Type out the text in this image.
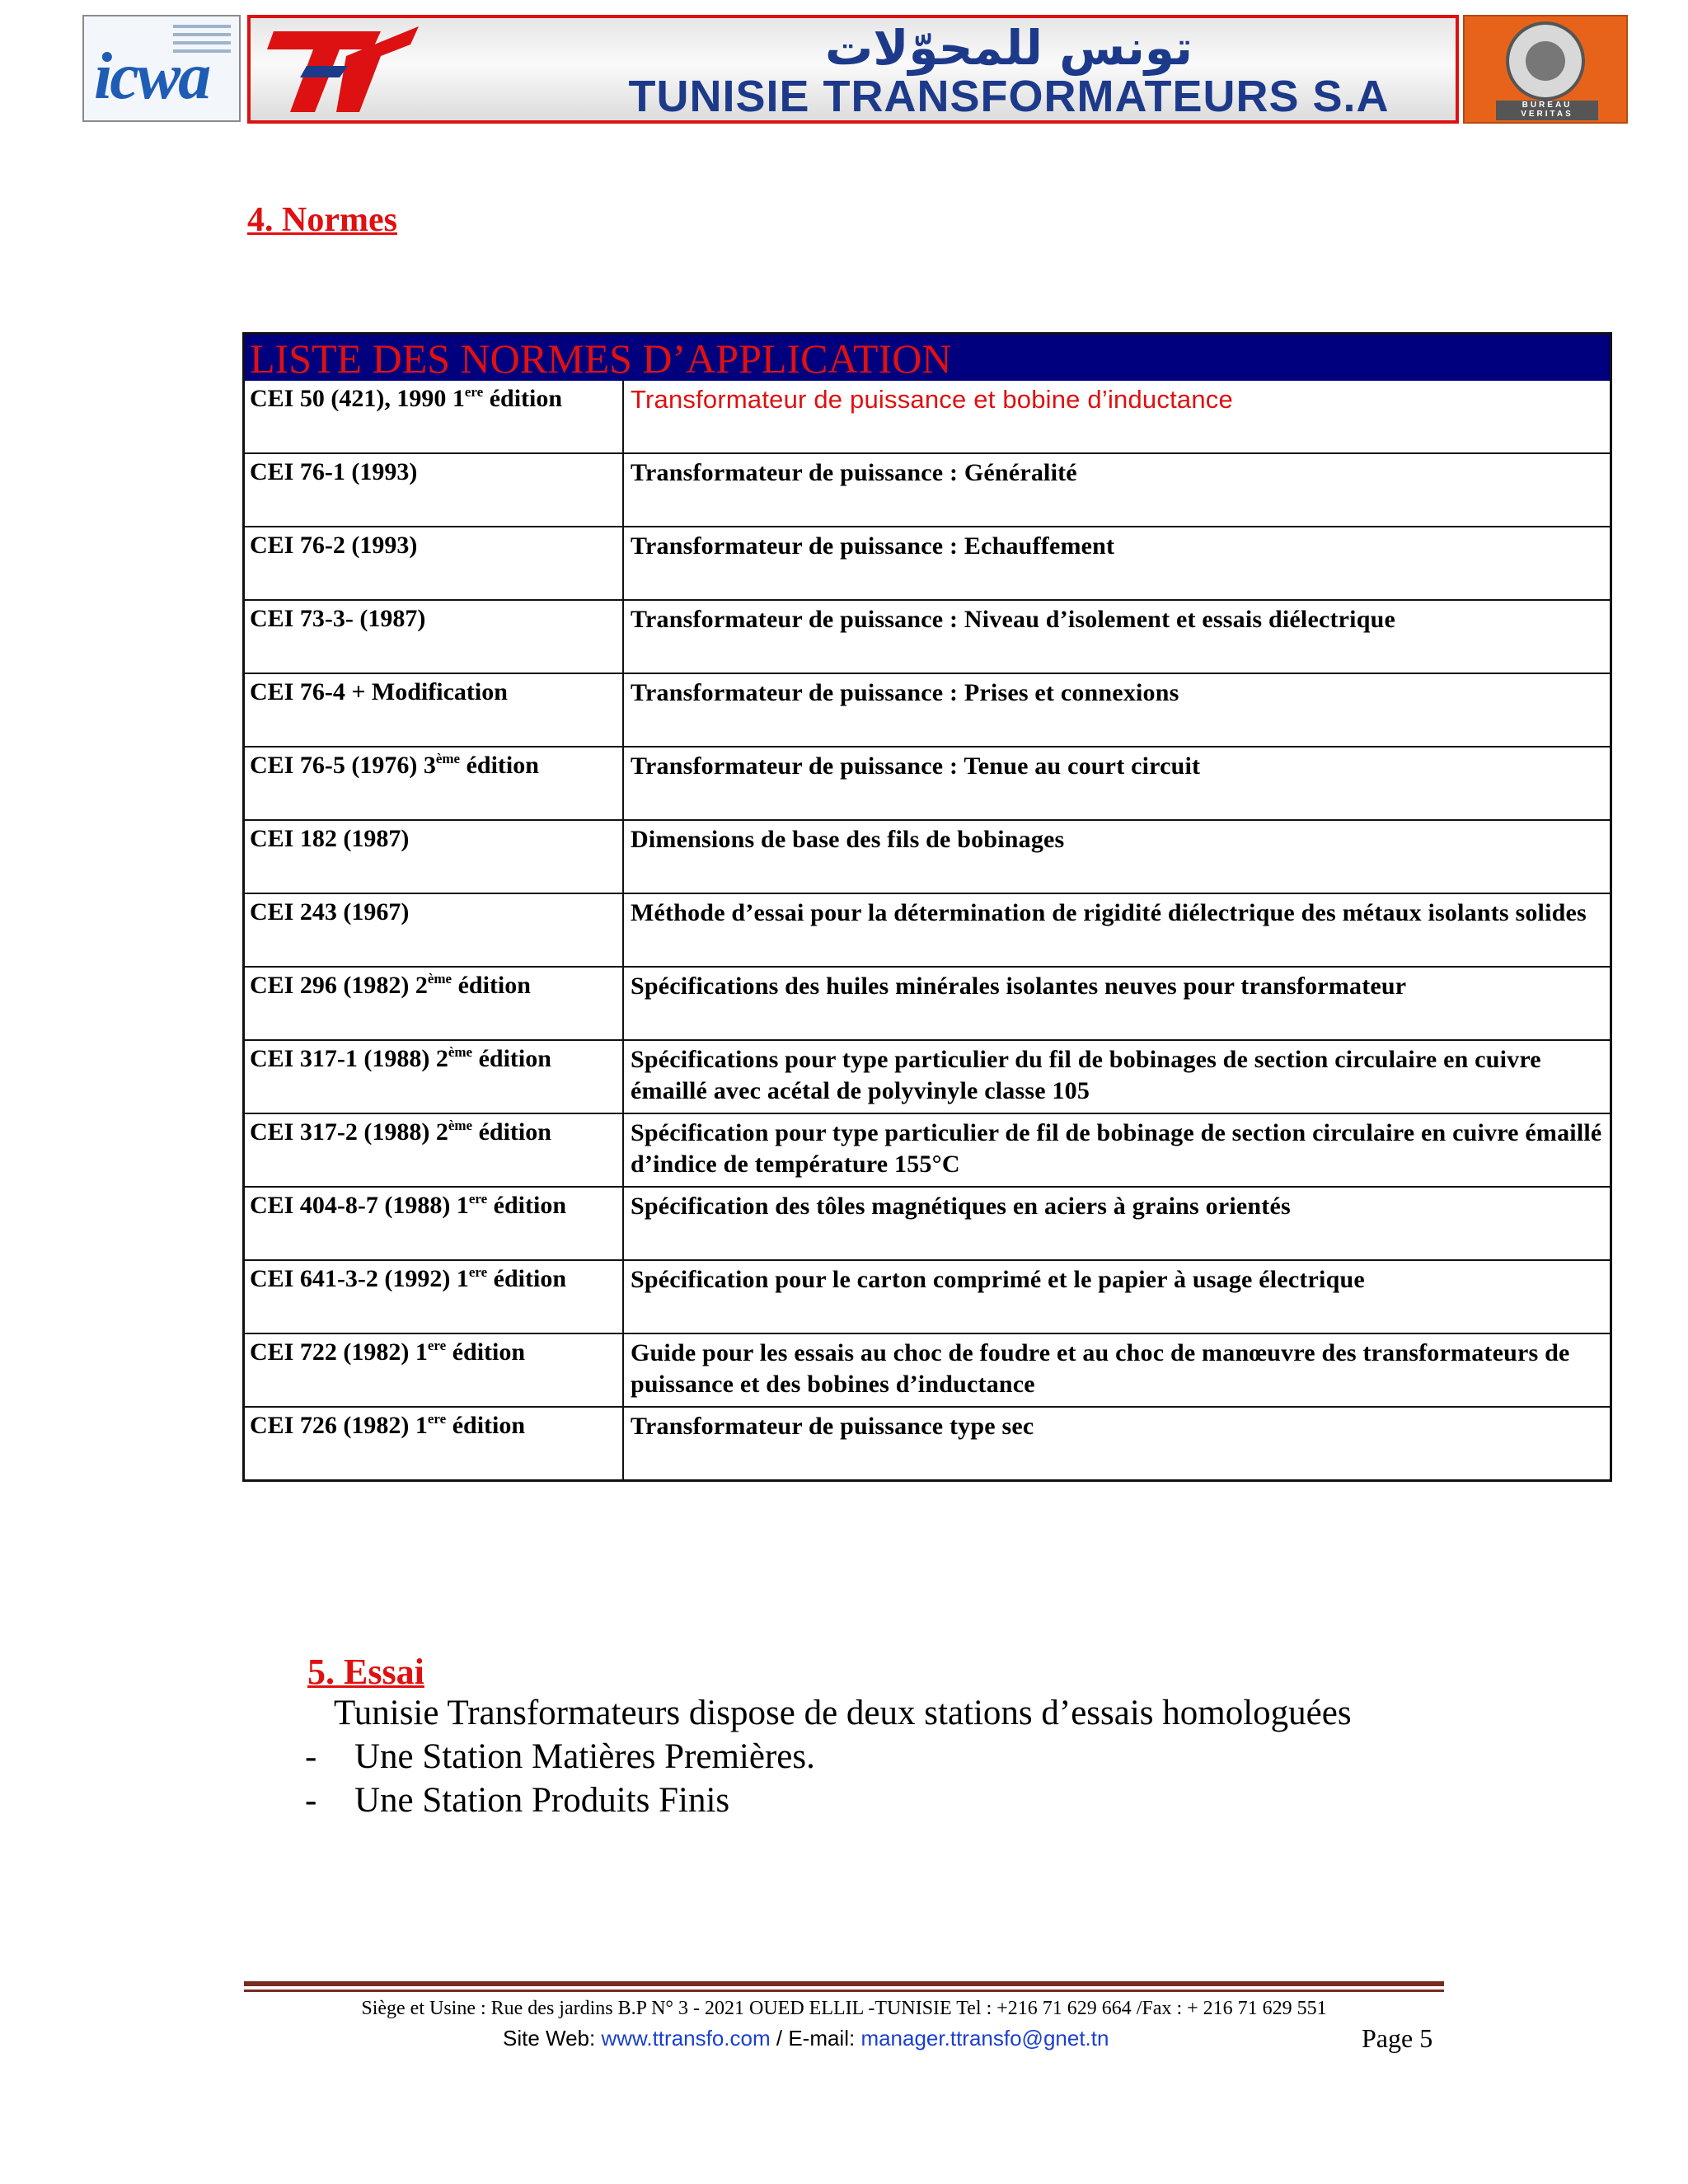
icwa	تونس للمحوّلات
TUNISIE TRANSFORMATEURS S.A	BUREAU VERITAS
4. Normes
LISTE DES NORMES D’APPLICATION
CEI 50 (421), 1990 1ere édition	Transformateur de puissance et bobine d’inductance
CEI 76-1 (1993)	Transformateur de puissance : Généralité
CEI 76-2 (1993)	Transformateur de puissance : Echauffement
CEI 73-3- (1987)	Transformateur de puissance : Niveau d’isolement et essais diélectrique
CEI 76-4 + Modification	Transformateur de puissance : Prises et connexions
CEI 76-5 (1976) 3ème édition	Transformateur de puissance : Tenue au court circuit
CEI 182 (1987)	Dimensions de base des fils de bobinages
CEI 243 (1967)	Méthode d’essai pour la détermination de rigidité diélectrique des métaux isolants solides
CEI 296 (1982) 2ème édition	Spécifications des huiles minérales isolantes neuves pour transformateur
CEI 317-1 (1988) 2ème édition	Spécifications pour type particulier du fil de bobinages de section circulaire en cuivre émaillé avec acétal de polyvinyle classe 105
CEI 317-2 (1988) 2ème édition	Spécification pour type particulier de fil de bobinage de section circulaire en cuivre émaillé d’indice de température 155°C
CEI 404-8-7 (1988) 1ere édition	Spécification des tôles magnétiques en aciers à grains orientés
CEI 641-3-2 (1992) 1ere édition	Spécification pour le carton comprimé et le papier à usage électrique
CEI 722 (1982) 1ere édition	Guide pour les essais au choc de foudre et au choc de manœuvre des transformateurs de puissance et des bobines d’inductance
CEI 726 (1982) 1ere édition	Transformateur de puissance type sec
5. Essai
Tunisie Transformateurs dispose de deux stations d’essais homologuées
- Une Station Matières Premières.
- Une Station Produits Finis
Siège et Usine : Rue des jardins B.P N° 3 - 2021 OUED ELLIL -TUNISIE Tel : +216 71 629 664 /Fax : + 216 71 629 551
Site Web: www.ttransfo.com / E-mail: manager.ttransfo@gnet.tn	Page 5
